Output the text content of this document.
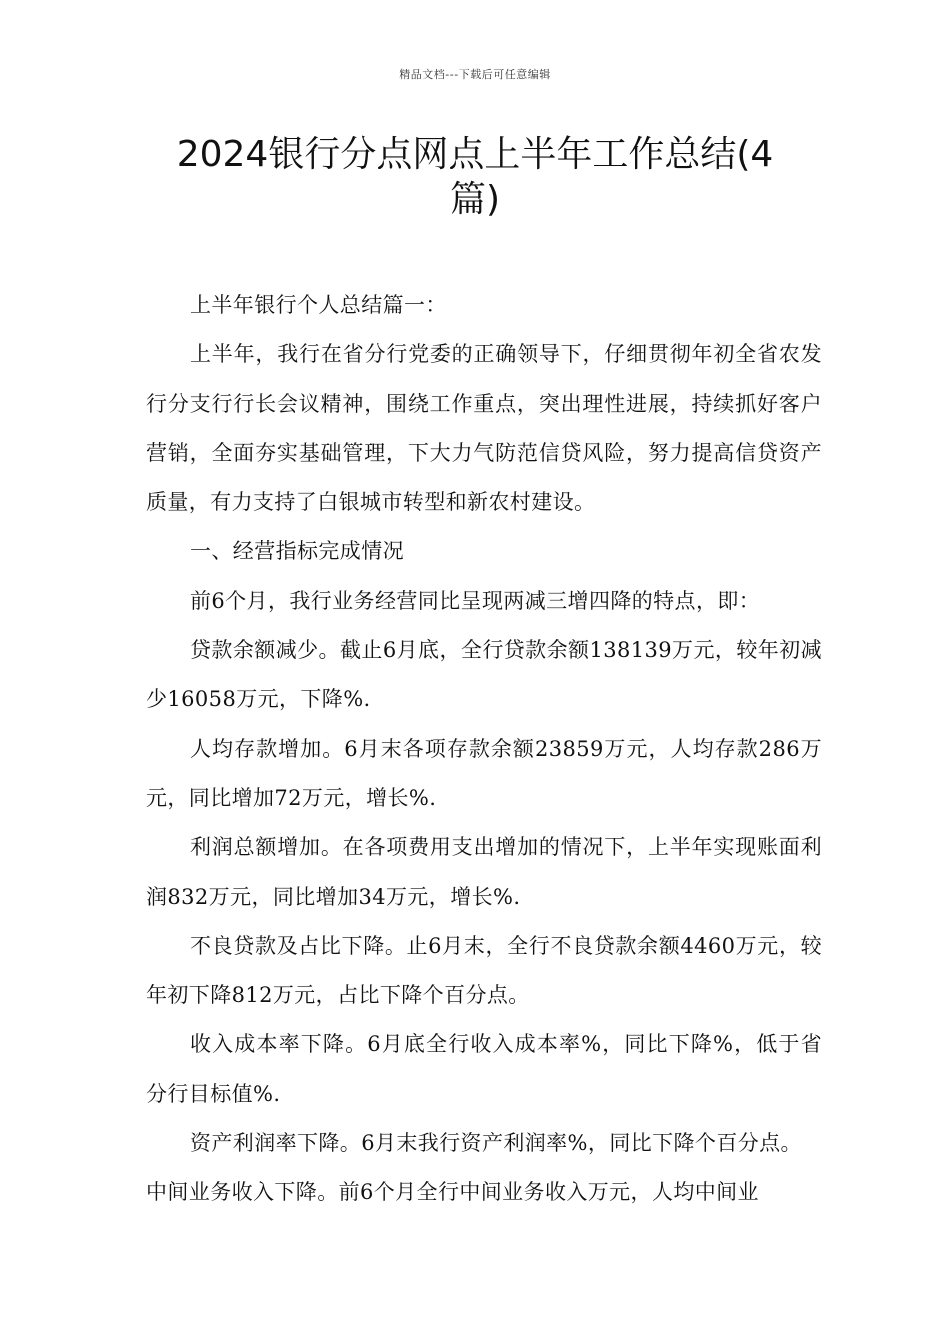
精品文档---下载后可任意编辑
2024银行分点网点上半年工作总结(4
篇)

上半年银行个人总结篇一：

上半年，我行在省分行党委的正确领导下，仔细贯彻年初全省农发行分支行行长会议精神，围绕工作重点，突出理性进展，持续抓好客户营销，全面夯实基础管理，下大力气防范信贷风险，努力提高信贷资产质量，有力支持了白银城市转型和新农村建设。

一、经营指标完成情况

前6个月，我行业务经营同比呈现两减三增四降的特点，即：

贷款余额减少。截止6月底，全行贷款余额138139万元，较年初减少16058万元，下降%.

人均存款增加。6月末各项存款余额23859万元，人均存款286万元，同比增加72万元，增长%.

利润总额增加。在各项费用支出增加的情况下，上半年实现账面利润832万元，同比增加34万元，增长%.

不良贷款及占比下降。止6月末，全行不良贷款余额4460万元，较年初下降812万元，占比下降个百分点。

收入成本率下降。6月底全行收入成本率%，同比下降%，低于省分行目标值%.

资产利润率下降。6月末我行资产利润率%，同比下降个百分点。

中间业务收入下降。前6个月全行中间业务收入万元，人均中间业
